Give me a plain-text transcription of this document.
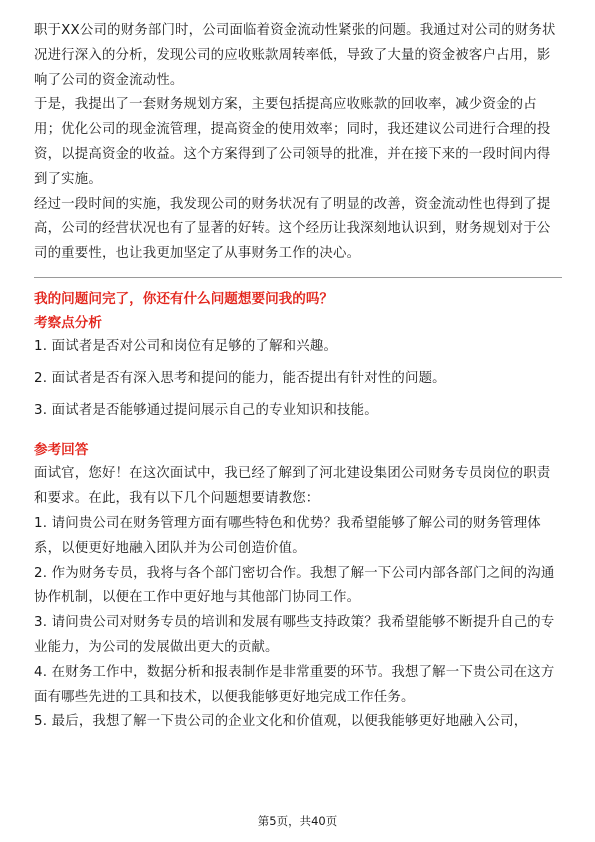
职于XX公司的财务部门时，公司面临着资金流动性紧张的问题。我通过对公司的财务状况进行深入的分析，发现公司的应收账款周转率低，导致了大量的资金被客户占用，影响了公司的资金流动性。

于是，我提出了一套财务规划方案，主要包括提高应收账款的回收率，减少资金的占用；优化公司的现金流管理，提高资金的使用效率；同时，我还建议公司进行合理的投资，以提高资金的收益。这个方案得到了公司领导的批准，并在接下来的一段时间内得到了实施。

经过一段时间的实施，我发现公司的财务状况有了明显的改善，资金流动性也得到了提高，公司的经营状况也有了显著的好转。这个经历让我深刻地认识到，财务规划对于公司的重要性，也让我更加坚定了从事财务工作的决心。

我的问题问完了，你还有什么问题想要问我的吗？

考察点分析

1. 面试者是否对公司和岗位有足够的了解和兴趣。
2. 面试者是否有深入思考和提问的能力，能否提出有针对性的问题。
3. 面试者是否能够通过提问展示自己的专业知识和技能。

参考回答

面试官，您好！在这次面试中，我已经了解到了河北建设集团公司财务专员岗位的职责和要求。在此，我有以下几个问题想要请教您：

1. 请问贵公司在财务管理方面有哪些特色和优势？我希望能够了解公司的财务管理体系，以便更好地融入团队并为公司创造价值。
2. 作为财务专员，我将与各个部门密切合作。我想了解一下公司内部各部门之间的沟通协作机制，以便在工作中更好地与其他部门协同工作。
3. 请问贵公司对财务专员的培训和发展有哪些支持政策？我希望能够不断提升自己的专业能力，为公司的发展做出更大的贡献。
4. 在财务工作中，数据分析和报表制作是非常重要的环节。我想了解一下贵公司在这方面有哪些先进的工具和技术，以便我能够更好地完成工作任务。
5. 最后，我想了解一下贵公司的企业文化和价值观，以便我能够更好地融入公司，
第5页，共40页
